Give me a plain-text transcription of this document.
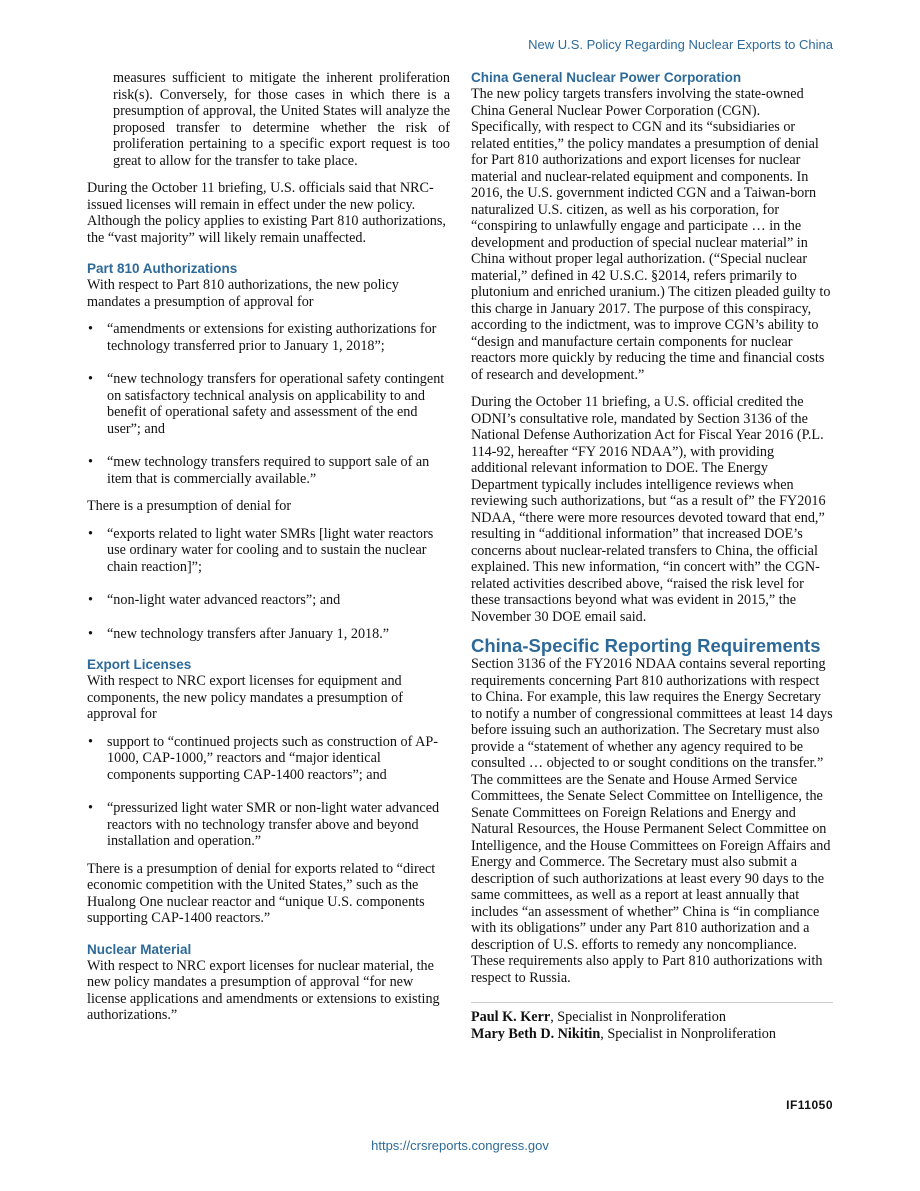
New U.S. Policy Regarding Nuclear Exports to China

measures sufficient to mitigate the inherent proliferation risk(s). Conversely, for those cases in which there is a presumption of approval, the United States will analyze the proposed transfer to determine whether the risk of proliferation pertaining to a specific export request is too great to allow for the transfer to take place.

During the October 11 briefing, U.S. officials said that NRC-issued licenses will remain in effect under the new policy. Although the policy applies to existing Part 810 authorizations, the “vast majority” will likely remain unaffected.

Part 810 Authorizations

With respect to Part 810 authorizations, the new policy mandates a presumption of approval for

• “amendments or extensions for existing authorizations for technology transferred prior to January 1, 2018”;
• “new technology transfers for operational safety contingent on satisfactory technical analysis on applicability to and benefit of operational safety and assessment of the end user”; and
• “mew technology transfers required to support sale of an item that is commercially available.”

There is a presumption of denial for

• “exports related to light water SMRs [light water reactors use ordinary water for cooling and to sustain the nuclear chain reaction]”;
• “non-light water advanced reactors”; and
• “new technology transfers after January 1, 2018.”
Export Licenses

With respect to NRC export licenses for equipment and components, the new policy mandates a presumption of approval for

• support to “continued projects such as construction of AP-1000, CAP-1000,” reactors and “major identical components supporting CAP-1400 reactors”; and
• “pressurized light water SMR or non-light water advanced reactors with no technology transfer above and beyond installation and operation.”

There is a presumption of denial for exports related to “direct economic competition with the United States,” such as the Hualong One nuclear reactor and “unique U.S. components supporting CAP-1400 reactors.”

Nuclear Material

With respect to NRC export licenses for nuclear material, the new policy mandates a presumption of approval “for new license applications and amendments or extensions to existing authorizations.”

China General Nuclear Power Corporation

The new policy targets transfers involving the state-owned China General Nuclear Power Corporation (CGN). Specifically, with respect to CGN and its “subsidiaries or related entities,” the policy mandates a presumption of denial for Part 810 authorizations and export licenses for nuclear material and nuclear-related equipment and components. In 2016, the U.S. government indicted CGN and a Taiwan-born naturalized U.S. citizen, as well as his corporation, for “conspiring to unlawfully engage and participate … in the development and production of special nuclear material” in China without proper legal authorization. (“Special nuclear material,” defined in 42 U.S.C. §2014, refers primarily to plutonium and enriched uranium.) The citizen pleaded guilty to this charge in January 2017. The purpose of this conspiracy, according to the indictment, was to improve CGN’s ability to “design and manufacture certain components for nuclear reactors more quickly by reducing the time and financial costs of research and development.”

During the October 11 briefing, a U.S. official credited the ODNI’s consultative role, mandated by Section 3136 of the National Defense Authorization Act for Fiscal Year 2016 (P.L. 114-92, hereafter “FY 2016 NDAA”), with providing additional relevant information to DOE. The Energy Department typically includes intelligence reviews when reviewing such authorizations, but “as a result of” the FY2016 NDAA, “there were more resources devoted toward that end,” resulting in “additional information” that increased DOE’s concerns about nuclear-related transfers to China, the official explained. This new information, “in concert with” the CGN-related activities described above, “raised the risk level for these transactions beyond what was evident in 2015,” the November 30 DOE email said.

China-Specific Reporting Requirements

Section 3136 of the FY2016 NDAA contains several reporting requirements concerning Part 810 authorizations with respect to China. For example, this law requires the Energy Secretary to notify a number of congressional committees at least 14 days before issuing such an authorization. The Secretary must also provide a “statement of whether any agency required to be consulted … objected to or sought conditions on the transfer.” The committees are the Senate and House Armed Service Committees, the Senate Select Committee on Intelligence, the Senate Committees on Foreign Relations and Energy and Natural Resources, the House Permanent Select Committee on Intelligence, and the House Committees on Foreign Affairs and Energy and Commerce. The Secretary must also submit a description of such authorizations at least every 90 days to the same committees, as well as a report at least annually that includes “an assessment of whether” China is “in compliance with its obligations” under any Part 810 authorization and a description of U.S. efforts to remedy any noncompliance. These requirements also apply to Part 810 authorizations with respect to Russia.

Paul K. Kerr, Specialist in Nonproliferation

Mary Beth D. Nikitin, Specialist in Nonproliferation

IF11050
https://crsreports.congress.gov
